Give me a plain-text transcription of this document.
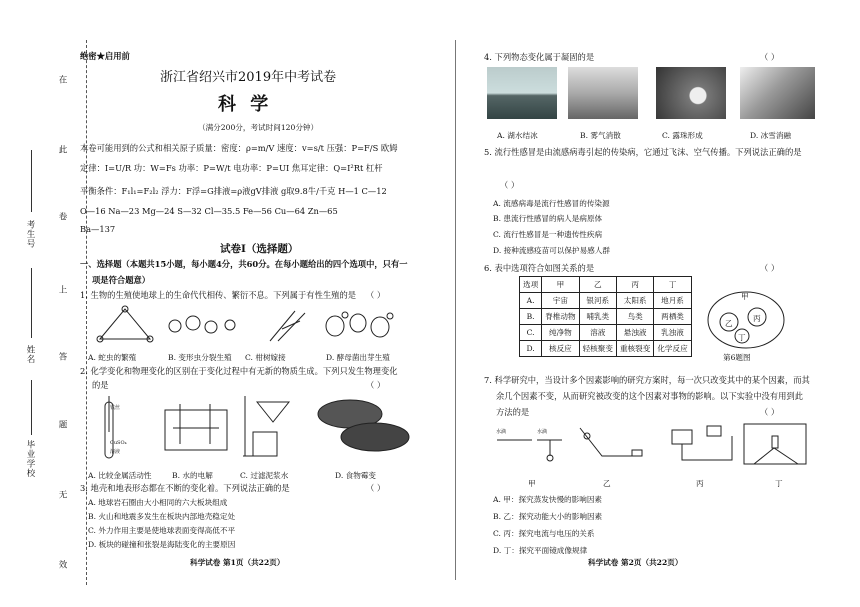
在
此
卷
上
答
题
无
效
考生号
姓名
毕业学校
绝密★启用前
浙江省绍兴市2019年中考试卷
科 学
（满分200分，考试时间120分钟）
本卷可能用到的公式和相关原子质量：密度：ρ=m/V 速度：v=s/t 压强：P=F/S 欧姆
定律：I=U/R 功：W=Fs 功率：P=W/t 电功率：P=UI 焦耳定律：Q=I²Rt 杠杆
平衡条件：F₁l₁=F₂l₂ 浮力：F浮=G排液=ρ液gV排液 g取9.8牛/千克 H—1 C—12
O—16 Na—23 Mg—24 S—32 Cl—35.5 Fe—56 Cu—64 Zn—65
Ba—137
试卷Ⅰ（选择题）
一、选择题（本题共15小题，每小题4分，共60分。在每小题给出的四个选项中，只有一
项是符合题意）
1. 生物的生殖使地球上的生命代代相传、繁衍不息。下列属于有性生殖的是 （ ）
A. 蛇虫的繁殖	B. 变形虫分裂生殖 C. 柑树嫁接	D. 酵母菌出芽生殖
2. 化学变化和物理变化的区别在于变化过程中有无新的物质生成。下列只发生物理变化
的是	（ ）
铁丝
CuSO₄
溶液
A. 比较金属活动性	B. 水的电解	C. 过滤泥浆水	D. 食物霉变
3. 地壳和地表形态都在不断的变化着。下列说法正确的是	（ ）
A. 地球岩石圈由大小相同的六大板块组成
B. 火山和地震多发生在板块内部地壳稳定处
C. 外力作用主要是使地球表面变得高低不平
D. 板块的碰撞和张裂是海陆变化的主要原因
科学试卷 第1页（共22页）
4. 下列物态变化属于凝固的是	（ ）
A. 湖水结冰	B. 雾气消散	C. 露珠形成	D. 冰雪消融
5. 流行性感冒是由流感病毒引起的传染病，它通过飞沫、空气传播。下列说法正确的是
（ ）
A. 流感病毒是流行性感冒的传染源
B. 患流行性感冒的病人是病原体
C. 流行性感冒是一种遗传性疾病
D. 接种流感疫苗可以保护易感人群
6. 表中选项符合如图关系的是	（ ）
选项	甲	乙	丙	丁
A.	宇宙	银河系	太阳系	地月系
B.	脊椎动物	哺乳类	鸟类	两栖类
C.	纯净物	溶液	悬浊液	乳浊液
D.	核反应	轻核聚变	重核裂变	化学反应
甲
乙
丙
丁
第6题图
7. 科学研究中，当设计多个因素影响的研究方案时，每一次只改变其中的某个因素，而其
余几个因素不变，从而研究被改变的这个因素对事物的影响。以下实验中没有用到此
方法的是	（ ）
水滴	水滴
甲	乙	丙	丁
A. 甲：探究蒸发快慢的影响因素
B. 乙：探究动能大小的影响因素
C. 丙：探究电流与电压的关系
D. 丁：探究平面镜成像规律
科学试卷 第2页（共22页）
